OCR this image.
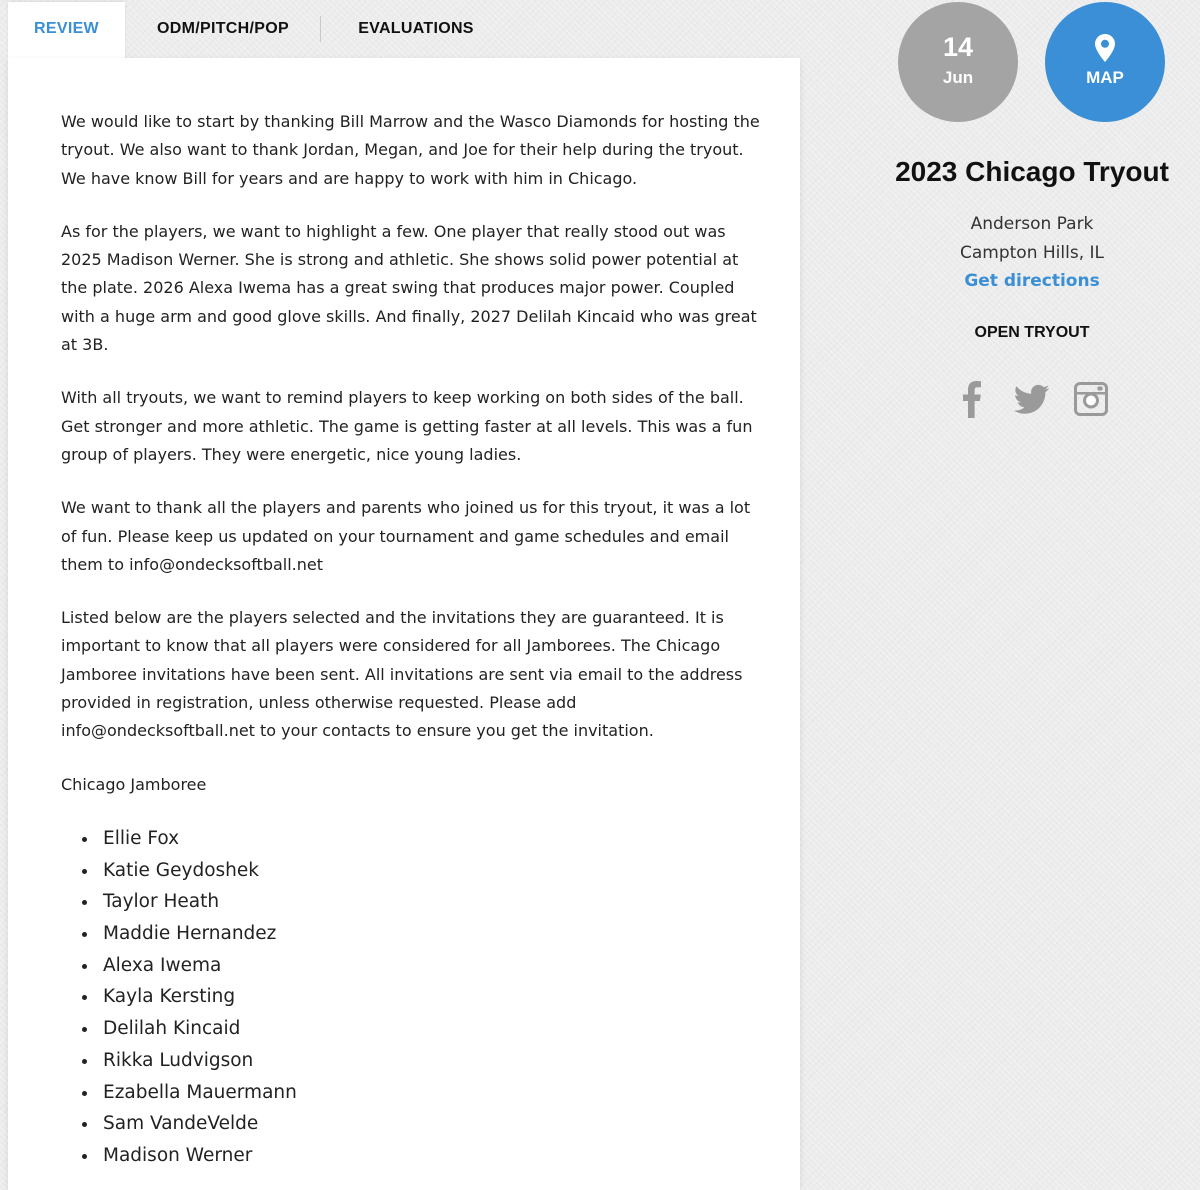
REVIEW	ODM/PITCH/POP	EVALUATIONS

We would like to start by thanking Bill Marrow and the Wasco Diamonds for hosting the tryout. We also want to thank Jordan, Megan, and Joe for their help during the tryout. We have know Bill for years and are happy to work with him in Chicago.

As for the players, we want to highlight a few. One player that really stood out was 2025 Madison Werner. She is strong and athletic. She shows solid power potential at the plate. 2026 Alexa Iwema has a great swing that produces major power. Coupled with a huge arm and good glove skills. And finally, 2027 Delilah Kincaid who was great at 3B.

With all tryouts, we want to remind players to keep working on both sides of the ball. Get stronger and more athletic. The game is getting faster at all levels. This was a fun group of players. They were energetic, nice young ladies.

We want to thank all the players and parents who joined us for this tryout, it was a lot of fun. Please keep us updated on your tournament and game schedules and email them to info@ondecksoftball.net

Listed below are the players selected and the invitations they are guaranteed. It is important to know that all players were considered for all Jamborees. The Chicago Jamboree invitations have been sent. All invitations are sent via email to the address provided in registration, unless otherwise requested. Please add info@ondecksoftball.net to your contacts to ensure you get the invitation.

Chicago Jamboree

Ellie Fox
Katie Geydoshek
Taylor Heath
Maddie Hernandez
Alexa Iwema
Kayla Kersting
Delilah Kincaid
Rikka Ludvigson
Ezabella Mauermann
Sam VandeVelde
Madison Werner
14
Jun	MAP
2023 Chicago Tryout
Anderson Park
Campton Hills, IL
Get directions
OPEN TRYOUT
